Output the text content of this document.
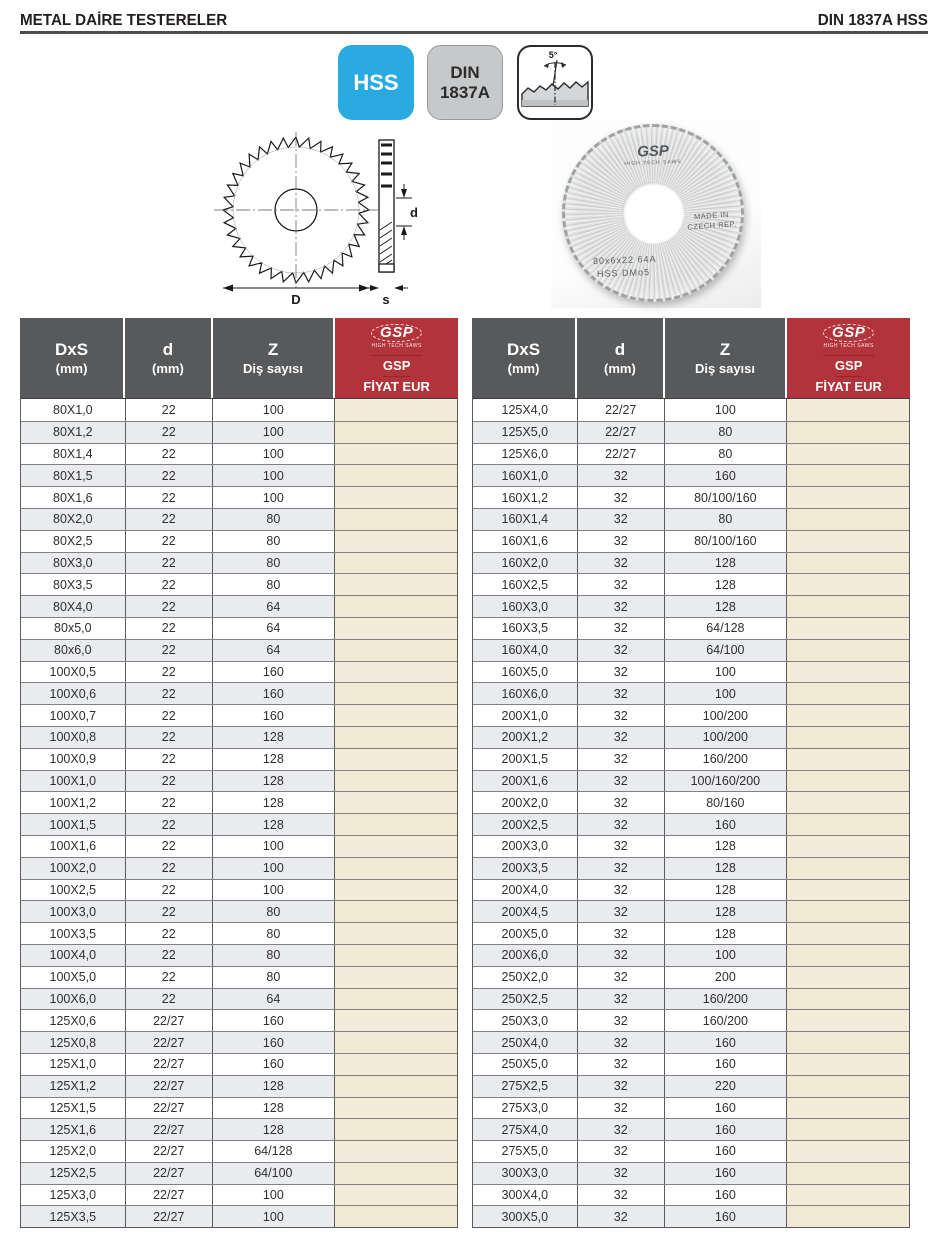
METAL DAİRE TESTERELER	DIN 1837A HSS
HSS	DIN
1837A
5°
D
d
s
GSP
HIGH TECH SAWS
MADE IN
CZECH REP.
80x6x22 64A
HSS DMo5
DxS
(mm)
d
(mm)
Z
Diş sayısı
GSP
HIGH TECH SAWS
GSP
FİYAT EUR
80X1,0	22	100
80X1,2	22	100
80X1,4	22	100
80X1,5	22	100
80X1,6	22	100
80X2,0	22	80
80X2,5	22	80
80X3,0	22	80
80X3,5	22	80
80X4,0	22	64
80x5,0	22	64
80x6,0	22	64
100X0,5	22	160
100X0,6	22	160
100X0,7	22	160
100X0,8	22	128
100X0,9	22	128
100X1,0	22	128
100X1,2	22	128
100X1,5	22	128
100X1,6	22	100
100X2,0	22	100
100X2,5	22	100
100X3,0	22	80
100X3,5	22	80
100X4,0	22	80
100X5,0	22	80
100X6,0	22	64
125X0,6	22/27	160
125X0,8	22/27	160
125X1,0	22/27	160
125X1,2	22/27	128
125X1,5	22/27	128
125X1,6	22/27	128
125X2,0	22/27	64/128
125X2,5	22/27	64/100
125X3,0	22/27	100
125X3,5	22/27	100
DxS
(mm)
d
(mm)
Z
Diş sayısı
GSP
HIGH TECH SAWS
GSP
FİYAT EUR
125X4,0	22/27	100
125X5,0	22/27	80
125X6,0	22/27	80
160X1,0	32	160
160X1,2	32	80/100/160
160X1,4	32	80
160X1,6	32	80/100/160
160X2,0	32	128
160X2,5	32	128
160X3,0	32	128
160X3,5	32	64/128
160X4,0	32	64/100
160X5,0	32	100
160X6,0	32	100
200X1,0	32	100/200
200X1,2	32	100/200
200X1,5	32	160/200
200X1,6	32	100/160/200
200X2,0	32	80/160
200X2,5	32	160
200X3,0	32	128
200X3,5	32	128
200X4,0	32	128
200X4,5	32	128
200X5,0	32	128
200X6,0	32	100
250X2,0	32	200
250X2,5	32	160/200
250X3,0	32	160/200
250X4,0	32	160
250X5,0	32	160
275X2,5	32	220
275X3,0	32	160
275X4,0	32	160
275X5,0	32	160
300X3,0	32	160
300X4,0	32	160
300X5,0	32	160
